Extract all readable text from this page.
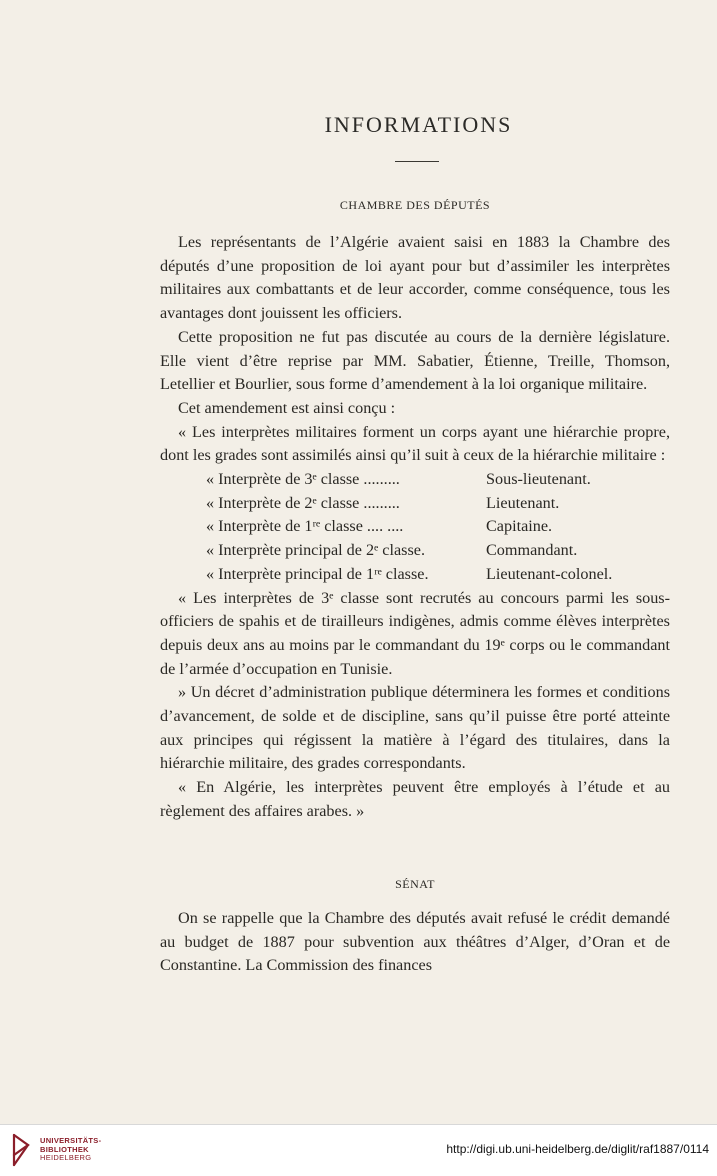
INFORMATIONS
CHAMBRE DES DÉPUTÉS

Les représentants de l’Algérie avaient saisi en 1883 la Chambre des députés d’une proposition de loi ayant pour but d’assimiler les interprètes militaires aux combattants et de leur accorder, comme conséquence, tous les avantages dont jouissent les officiers.

Cette proposition ne fut pas discutée au cours de la dernière législature. Elle vient d’être reprise par MM. Sabatier, Étienne, Treille, Thomson, Letellier et Bourlier, sous forme d’amendement à la loi organique militaire.

Cet amendement est ainsi conçu :

« Les interprètes militaires forment un corps ayant une hiérarchie propre, dont les grades sont assimilés ainsi qu’il suit à ceux de la hiérarchie militaire :

« Interprète de 3ᵉ classe .........	Sous-lieutenant.
« Interprète de 2ᵉ classe .........	Lieutenant.
« Interprète de 1ʳᵉ classe .... ....	Capitaine.
« Interprète principal de 2ᵉ classe.	Commandant.
« Interprète principal de 1ʳᵉ classe.	Lieutenant-colonel.

« Les interprètes de 3ᵉ classe sont recrutés au concours parmi les sous-officiers de spahis et de tirailleurs indigènes, admis comme élèves interprètes depuis deux ans au moins par le commandant du 19ᵉ corps ou le commandant de l’armée d’occupation en Tunisie.

» Un décret d’administration publique déterminera les formes et conditions d’avancement, de solde et de discipline, sans qu’il puisse être porté atteinte aux principes qui régissent la matière à l’égard des titulaires, dans la hiérarchie militaire, des grades correspondants.

« En Algérie, les interprètes peuvent être employés à l’étude et au règlement des affaires arabes. »

SÉNAT

On se rappelle que la Chambre des députés avait refusé le crédit demandé au budget de 1887 pour subvention aux théâtres d’Alger, d’Oran et de Constantine. La Commission des finances

UNIVERSITÄTS-
BIBLIOTHEK
HEIDELBERG
http://digi.ub.uni-heidelberg.de/diglit/raf1887/0114
